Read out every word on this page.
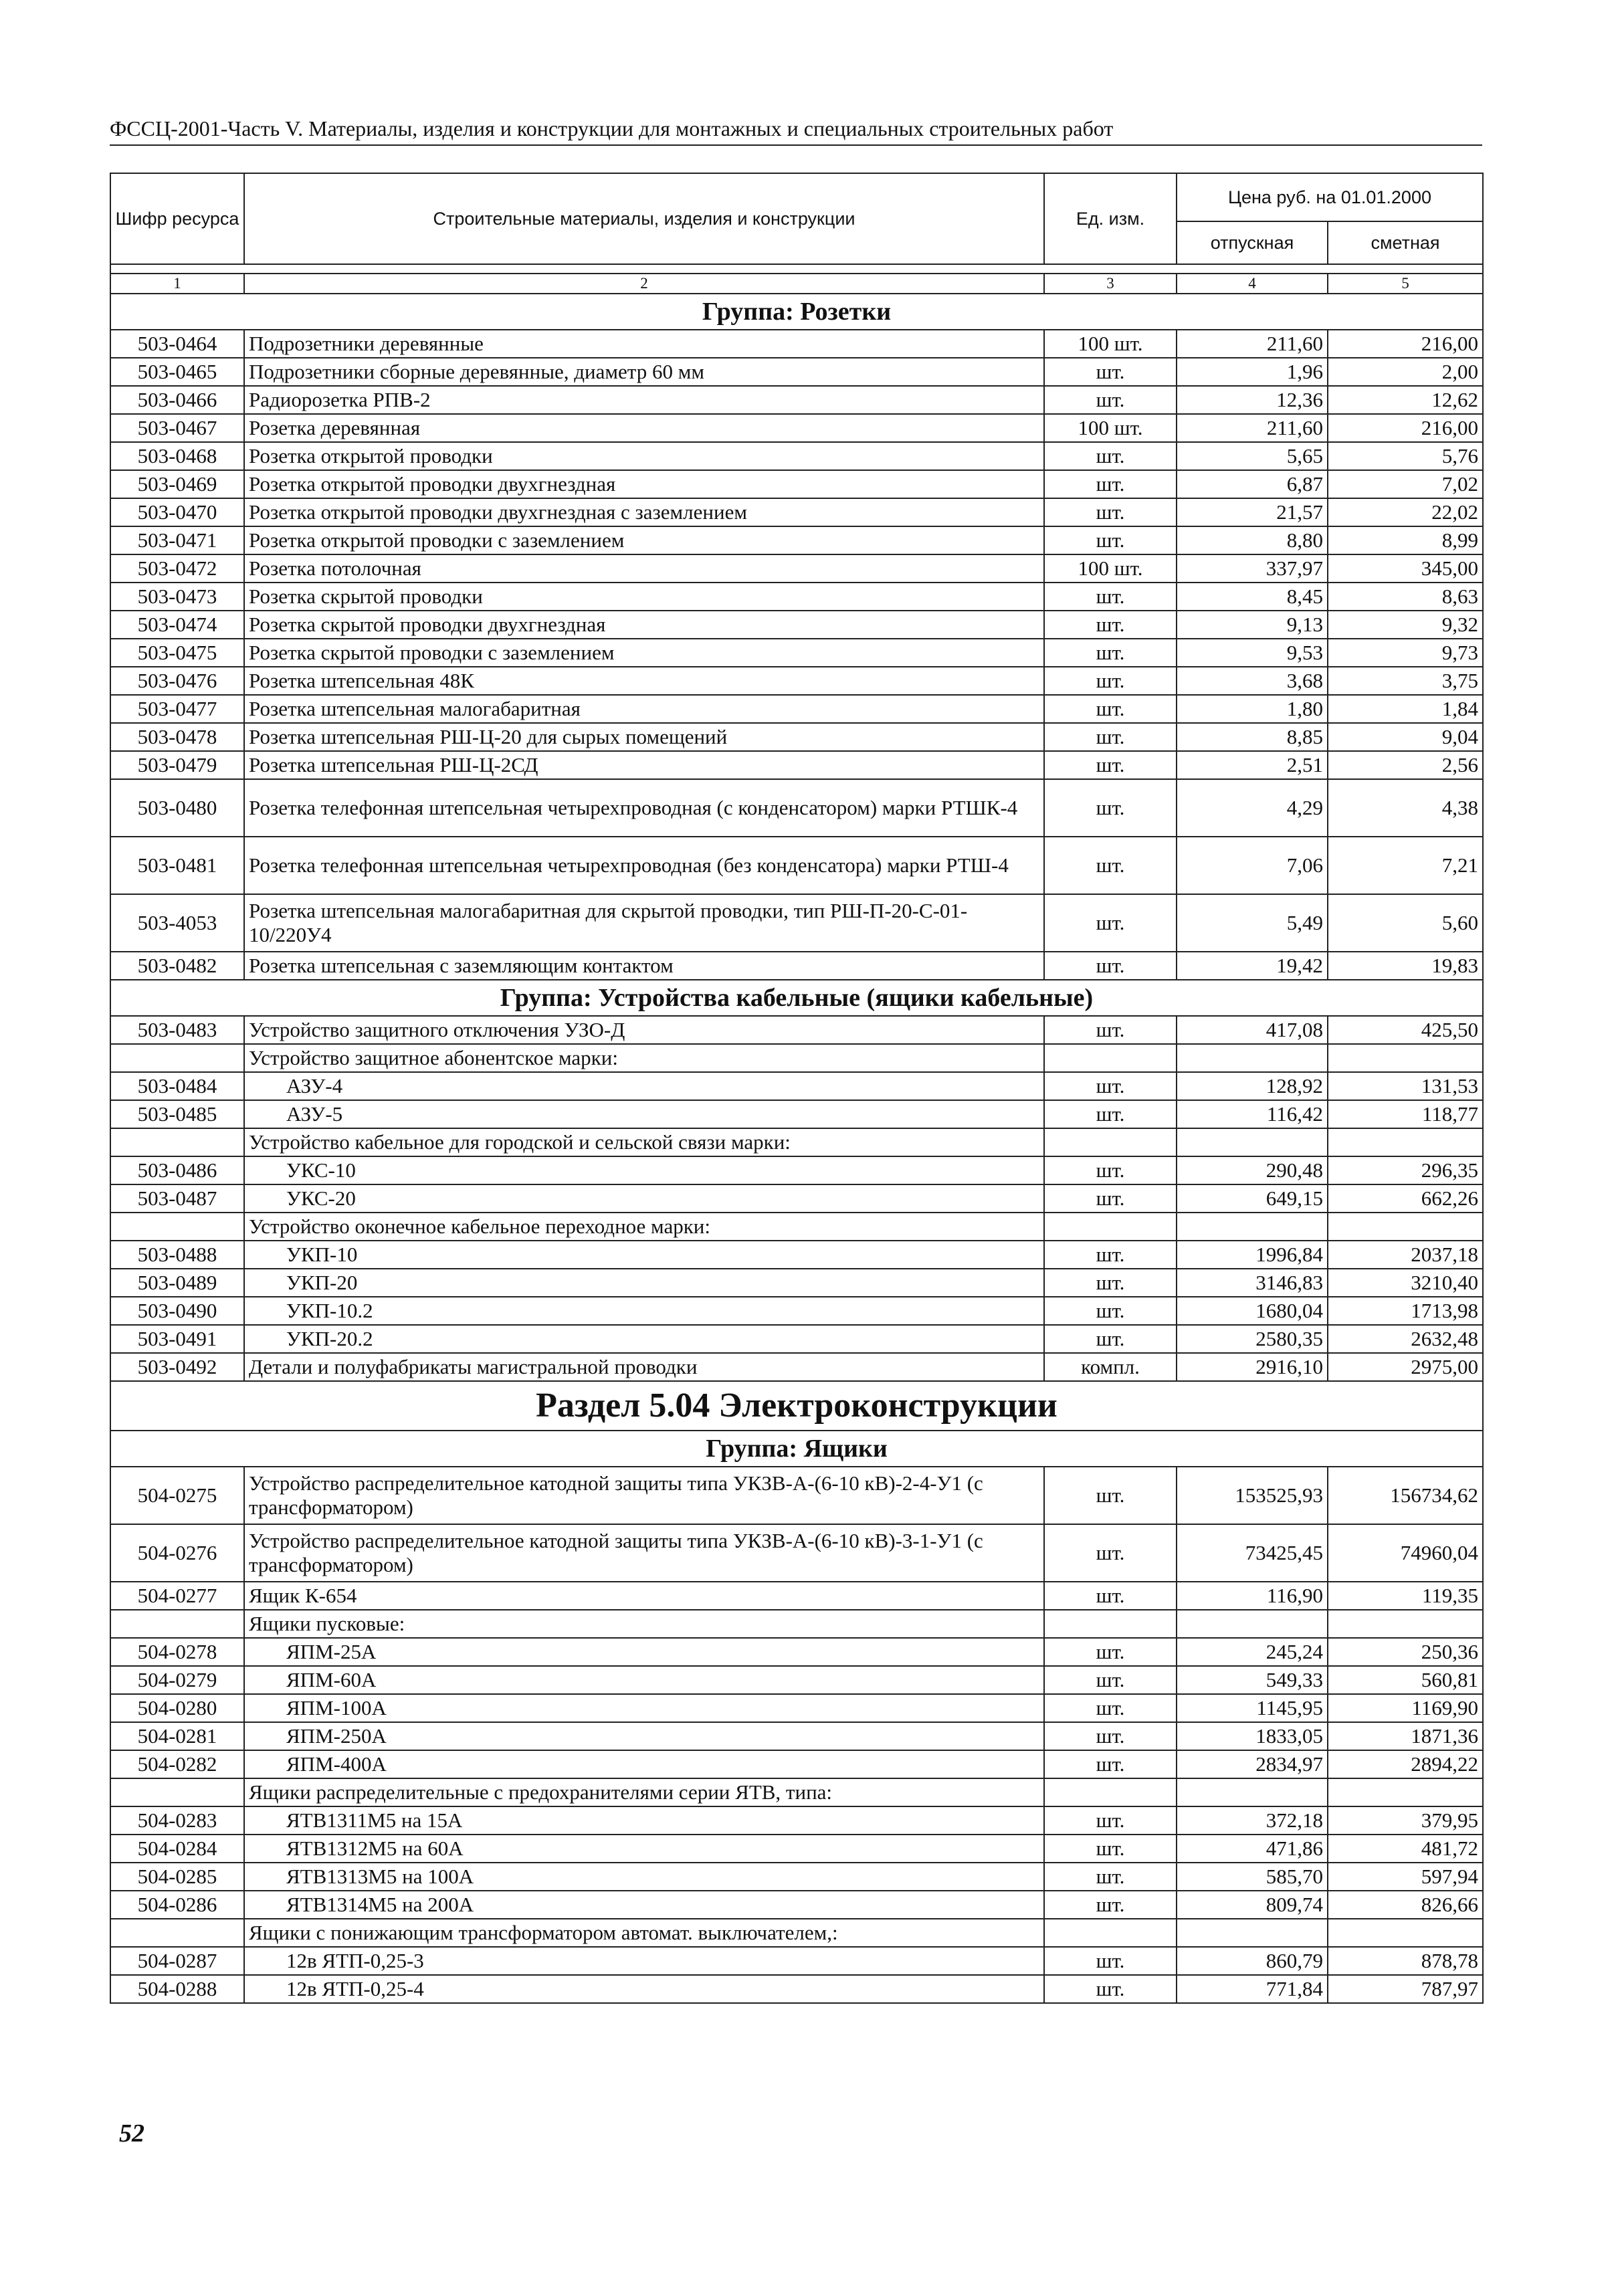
ФССЦ-2001-Часть V. Материалы, изделия и конструкции для монтажных и специальных строительных работ

Шифр ресурса	Строительные материалы, изделия и конструкции	Ед. изм.	Цена руб. на 01.01.2000	
			отпускная	сметная

1	2	3	4	5
Группа: Розетки				
503-0464	Подрозетники деревянные	100 шт.	211,60	216,00
503-0465	Подрозетники сборные деревянные, диаметр 60 мм	шт.	1,96	2,00
503-0466	Радиорозетка РПВ-2	шт.	12,36	12,62
503-0467	Розетка деревянная	100 шт.	211,60	216,00
503-0468	Розетка открытой проводки	шт.	5,65	5,76
503-0469	Розетка открытой проводки двухгнездная	шт.	6,87	7,02
503-0470	Розетка открытой проводки двухгнездная с заземлением	шт.	21,57	22,02
503-0471	Розетка открытой проводки с заземлением	шт.	8,80	8,99
503-0472	Розетка потолочная	100 шт.	337,97	345,00
503-0473	Розетка скрытой проводки	шт.	8,45	8,63
503-0474	Розетка скрытой проводки двухгнездная	шт.	9,13	9,32
503-0475	Розетка скрытой проводки с заземлением	шт.	9,53	9,73
503-0476	Розетка штепсельная 48К	шт.	3,68	3,75
503-0477	Розетка штепсельная малогабаритная	шт.	1,80	1,84
503-0478	Розетка штепсельная РШ-Ц-20 для сырых помещений	шт.	8,85	9,04
503-0479	Розетка штепсельная РШ-Ц-2СД	шт.	2,51	2,56
503-0480	Розетка телефонная штепсельная четырехпроводная (с конденсатором) марки РТШК-4	шт.	4,29	4,38
503-0481	Розетка телефонная штепсельная четырехпроводная (без конденсатора) марки РТШ-4	шт.	7,06	7,21
503-4053	Розетка штепсельная малогабаритная для скрытой проводки, тип РШ-П-20-С-01-10/220У4	шт.	5,49	5,60
503-0482	Розетка штепсельная с заземляющим контактом	шт.	19,42	19,83
Группа: Устройства кабельные (ящики кабельные)				
503-0483	Устройство защитного отключения УЗО-Д	шт.	417,08	425,50
	Устройство защитное абонентское марки:			
503-0484	АЗУ-4	шт.	128,92	131,53
503-0485	АЗУ-5	шт.	116,42	118,77
	Устройство кабельное для городской и сельской связи марки:			
503-0486	УКС-10	шт.	290,48	296,35
503-0487	УКС-20	шт.	649,15	662,26
	Устройство оконечное кабельное переходное марки:			
503-0488	УКП-10	шт.	1996,84	2037,18
503-0489	УКП-20	шт.	3146,83	3210,40
503-0490	УКП-10.2	шт.	1680,04	1713,98
503-0491	УКП-20.2	шт.	2580,35	2632,48
503-0492	Детали и полуфабрикаты магистральной проводки	компл.	2916,10	2975,00
Раздел 5.04 Электроконструкции				
Группа: Ящики				
504-0275	Устройство распределительное катодной защиты типа УКЗВ-А-(6-10 кВ)-2-4-У1 (с трансформатором)	шт.	153525,93	156734,62
504-0276	Устройство распределительное катодной защиты типа УКЗВ-А-(6-10 кВ)-3-1-У1 (с трансформатором)	шт.	73425,45	74960,04
504-0277	Ящик К-654	шт.	116,90	119,35
	Ящики пусковые:			
504-0278	ЯПМ-25А	шт.	245,24	250,36
504-0279	ЯПМ-60А	шт.	549,33	560,81
504-0280	ЯПМ-100А	шт.	1145,95	1169,90
504-0281	ЯПМ-250А	шт.	1833,05	1871,36
504-0282	ЯПМ-400А	шт.	2834,97	2894,22
	Ящики распределительные с предохранителями серии ЯТВ, типа:			
504-0283	ЯТВ1311М5 на 15А	шт.	372,18	379,95
504-0284	ЯТВ1312М5 на 60А	шт.	471,86	481,72
504-0285	ЯТВ1313М5 на 100А	шт.	585,70	597,94
504-0286	ЯТВ1314М5 на 200А	шт.	809,74	826,66
	Ящики с понижающим трансформатором автомат. выключателем,:			
504-0287	12в ЯТП-0,25-3	шт.	860,79	878,78
504-0288	12в ЯТП-0,25-4	шт.	771,84	787,97

52
